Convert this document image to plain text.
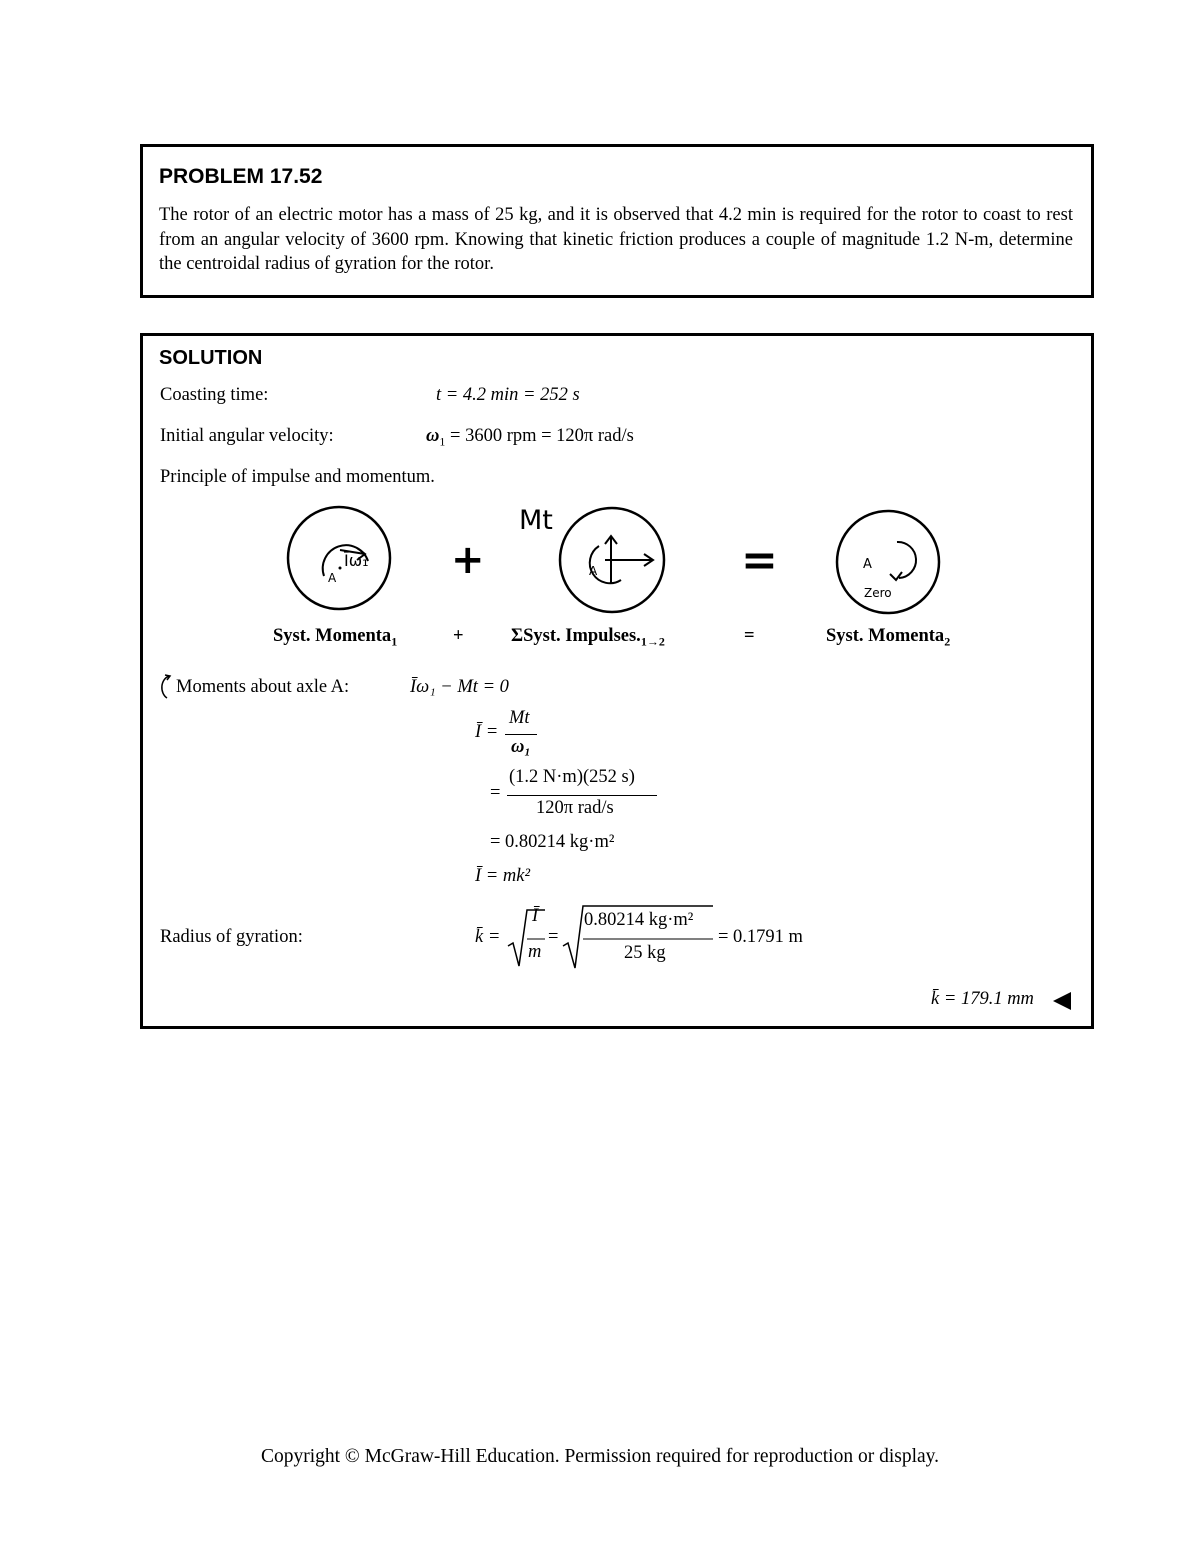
PROBLEM 17.52

The rotor of an electric motor has a mass of 25 kg, and it is observed that 4.2 min is required for the rotor to coast to rest from an angular velocity of 3600 rpm. Knowing that kinetic friction produces a couple of magnitude 1.2 N-m, determine the centroidal radius of gyration for the rotor.

SOLUTION
Coasting time:	t = 4.2 min = 252 s
Initial angular velocity:	$\omega_1 = 3600$ rpm = 120π rad/s
Principle of impulse and momentum.
A
Īω₁ +
Mt
A	=	A
Zero
Syst. Momenta$_1$	+	ΣSyst. $Impulses._{1\to 2}$	=	Syst. Momenta$_2$
Moments about axle A:	Īω₁ − Mt = 0
Ī =
Mt
ω₁
=
(1.2 N·m)(252 s)
120π rad/s
= 0.80214 kg·m²
Ī = mk²
Radius of gyration:	k̄ =
Ī
m
=
0.80214 kg·m²
25 kg
= 0.1791 m
k̄ = 179.1 mm
Copyright © McGraw-Hill Education. Permission required for reproduction or display.
